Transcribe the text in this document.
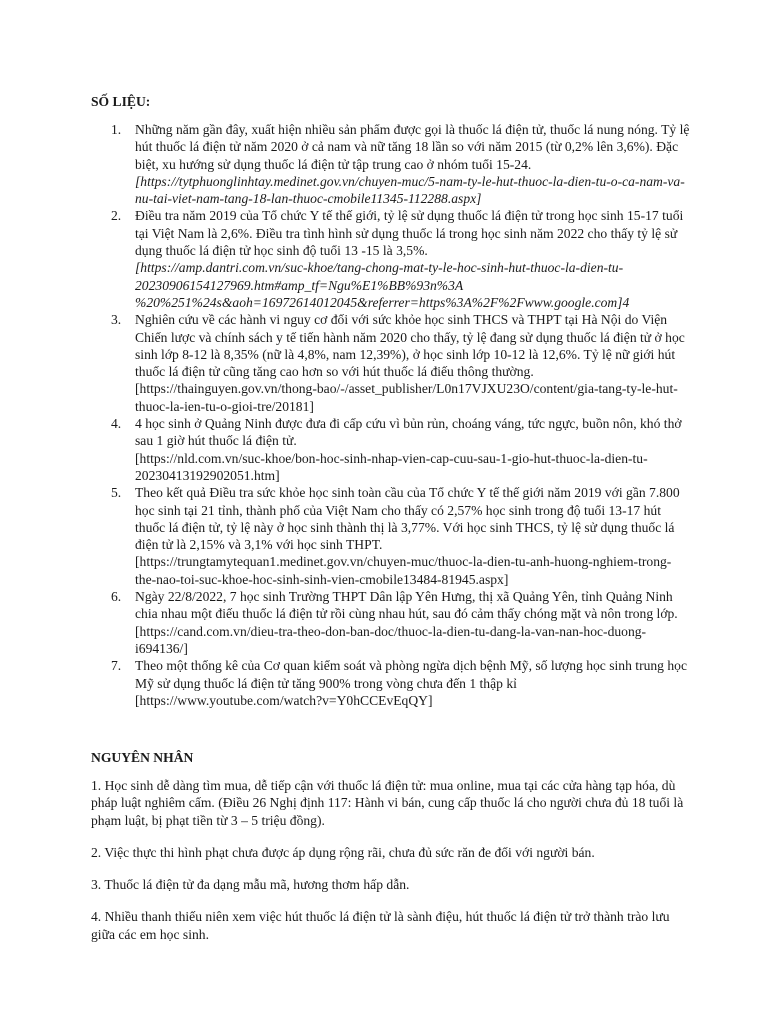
SỐ LIỆU:
1. Những năm gần đây, xuất hiện nhiều sản phẩm được gọi là thuốc lá điện tử, thuốc lá nung nóng. Tỷ lệ hút thuốc lá điện tử năm 2020 ở cả nam và nữ tăng 18 lần so với năm 2015 (từ 0,2% lên 3,6%). Đặc biệt, xu hướng sử dụng thuốc lá điện tử tập trung cao ở nhóm tuổi 15-24.
[https://tytphuonglinhtay.medinet.gov.vn/chuyen-muc/5-nam-ty-le-hut-thuoc-la-dien-tu-o-ca-nam-va-nu-tai-viet-nam-tang-18-lan-thuoc-cmobile11345-112288.aspx]
2. Điều tra năm 2019 của Tổ chức Y tế thế giới, tỷ lệ sử dụng thuốc lá điện tử trong học sinh 15-17 tuổi tại Việt Nam là 2,6%. Điều tra tình hình sử dụng thuốc lá trong học sinh năm 2022 cho thấy tỷ lệ sử dụng thuốc lá điện tử học sinh độ tuổi 13 -15 là 3,5%.
[https://amp.dantri.com.vn/suc-khoe/tang-chong-mat-ty-le-hoc-sinh-hut-thuoc-la-dien-tu-20230906154127969.htm#amp_tf=Ngu%E1%BB%93n%3A %20%251%24s&aoh=16972614012045&referrer=https%3A%2F%2Fwww.google.com]4
3. Nghiên cứu về các hành vi nguy cơ đối với sức khỏe học sinh THCS và THPT tại Hà Nội do Viện Chiến lược và chính sách y tế tiến hành năm 2020 cho thấy, tỷ lệ đang sử dụng thuốc lá điện tử ở học sinh lớp 8-12 là 8,35% (nữ là 4,8%, nam 12,39%), ở học sinh lớp 10-12 là 12,6%. Tỷ lệ nữ giới hút thuốc lá điện tử cũng tăng cao hơn so với hút thuốc lá điếu thông thường.
[https://thainguyen.gov.vn/thong-bao/-/asset_publisher/L0n17VJXU23O/content/gia-tang-ty-le-hut-thuoc-la-ien-tu-o-gioi-tre/20181]
4. 4 học sinh ở Quảng Ninh được đưa đi cấp cứu vì bủn rủn, choáng váng, tức ngực, buồn nôn, khó thở sau 1 giờ hút thuốc lá điện tử.
[https://nld.com.vn/suc-khoe/bon-hoc-sinh-nhap-vien-cap-cuu-sau-1-gio-hut-thuoc-la-dien-tu-20230413192902051.htm]
5. Theo kết quả Điều tra sức khỏe học sinh toàn cầu của Tổ chức Y tế thế giới năm 2019 với gần 7.800 học sinh tại 21 tỉnh, thành phố của Việt Nam cho thấy có 2,57% học sinh trong độ tuổi 13-17 hút thuốc lá điện tử, tỷ lệ này ở học sinh thành thị là 3,77%. Với học sinh THCS, tỷ lệ sử dụng thuốc lá điện tử là 2,15% và 3,1% với học sinh THPT.
[https://trungtamytequan1.medinet.gov.vn/chuyen-muc/thuoc-la-dien-tu-anh-huong-nghiem-trong-the-nao-toi-suc-khoe-hoc-sinh-sinh-vien-cmobile13484-81945.aspx]
6. Ngày 22/8/2022, 7 học sinh Trường THPT Dân lập Yên Hưng, thị xã Quảng Yên, tỉnh Quảng Ninh chia nhau một điếu thuốc lá điện tử rồi cùng nhau hút, sau đó cảm thấy chóng mặt và nôn trong lớp.
[https://cand.com.vn/dieu-tra-theo-don-ban-doc/thuoc-la-dien-tu-dang-la-van-nan-hoc-duong-i694136/]
7. Theo một thống kê của Cơ quan kiểm soát và phòng ngừa dịch bệnh Mỹ, số lượng học sinh trung học Mỹ sử dụng thuốc lá điện tử tăng 900% trong vòng chưa đến 1 thập kỉ
[https://www.youtube.com/watch?v=Y0hCCEvEqQY]
NGUYÊN NHÂN

1. Học sinh dễ dàng tìm mua, dễ tiếp cận với thuốc lá điện tử: mua online, mua tại các cửa hàng tạp hóa, dù pháp luật nghiêm cấm. (Điều 26 Nghị định 117: Hành vi bán, cung cấp thuốc lá cho người chưa đủ 18 tuổi là phạm luật, bị phạt tiền từ 3 – 5 triệu đồng).

2. Việc thực thi hình phạt chưa được áp dụng rộng rãi, chưa đủ sức răn đe đối với người bán.

3. Thuốc lá điện tử đa dạng mẫu mã, hương thơm hấp dẫn.

4. Nhiều thanh thiếu niên xem việc hút thuốc lá điện tử là sành điệu, hút thuốc lá điện tử trở thành trào lưu giữa các em học sinh.
